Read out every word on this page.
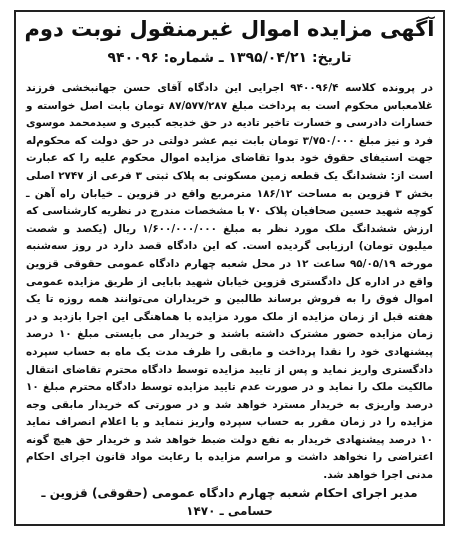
آگهی مزایده اموال غیرمنقول نوبت دوم
تاریخ: ۱۳۹۵/۰۴/۲۱ ـ شماره: ۹۴۰۰۹۶
در پرونده کلاسه ۹۴۰۰۹۶/۴ اجرایی این دادگاه آقای حسن جهانبخشی فرزند غلامعباس محکوم است به پرداخت مبلغ ۸۷/۵۷۷/۲۸۷ تومان بابت اصل خواسته و خسارات دادرسی و خسارت تاخیر تادیه در حق خدیجه کبیری و سیدمحمد موسوی فرد و نیز مبلغ ۳/۷۵۰/۰۰۰ تومان بابت نیم عشر دولتی در حق دولت که محکوم‌له جهت استیفای حقوق خود بدوا تقاضای مزایده اموال محکوم علیه را که عبارت است از: ششدانگ یک قطعه زمین مسکونی به پلاک ثبتی ۳ فرعی از ۲۷۴۷ اصلی بخش ۳ قزوین به مساحت ۱۸۶/۱۲ مترمربع واقع در قزوین ـ خیابان راه آهن ـ کوچه شهید حسین صحافیان پلاک ۷۰ با مشخصات مندرج در نظریه کارشناسی که ارزش ششدانگ ملک مورد نظر به مبلغ ۱/۶۰۰/۰۰۰/۰۰۰ ریال (یکصد و شصت میلیون تومان) ارزیابی گردیده است. که این دادگاه قصد دارد در روز سه‌شنبه مورخه ۹۵/۰۵/۱۹ ساعت ۱۲ در محل شعبه چهارم دادگاه عمومی حقوقی قزوین واقع در اداره کل دادگستری قزوین خیابان شهید بابایی از طریق مزایده عمومی اموال فوق را به فروش برساند طالبین و خریداران می‌توانند همه روزه تا یک هفته قبل از زمان مزایده از ملک مورد مزایده با هماهنگی این اجرا بازدید و در زمان مزایده حضور مشترک داشته باشند و خریدار می بایستی مبلغ ۱۰ درصد پیشنهادی خود را نقدا پرداخت و مابقی را ظرف مدت یک ماه به حساب سپرده دادگستری واریز نماید و پس از تایید مزایده توسط دادگاه محترم تقاضای انتقال مالکیت ملک را نماید و در صورت عدم تایید مزایده توسط دادگاه محترم مبلغ ۱۰ درصد واریزی به خریدار مسترد خواهد شد و در صورتی که خریدار مابقی وجه مزایده را در زمان مقرر به حساب سپرده واریز ننماید و یا اعلام انصراف نماید ۱۰ درصد پیشنهادی خریدار به نفع دولت ضبط خواهد شد و خریدار حق هیچ گونه اعتراضی را نخواهد داشت و مراسم مزایده با رعایت مواد قانون اجرای احکام مدنی اجرا خواهد شد.
مدیر اجرای احکام شعبه چهارم دادگاه عمومی (حقوقی) قزوین ـ حسامی ـ ۱۴۷۰
